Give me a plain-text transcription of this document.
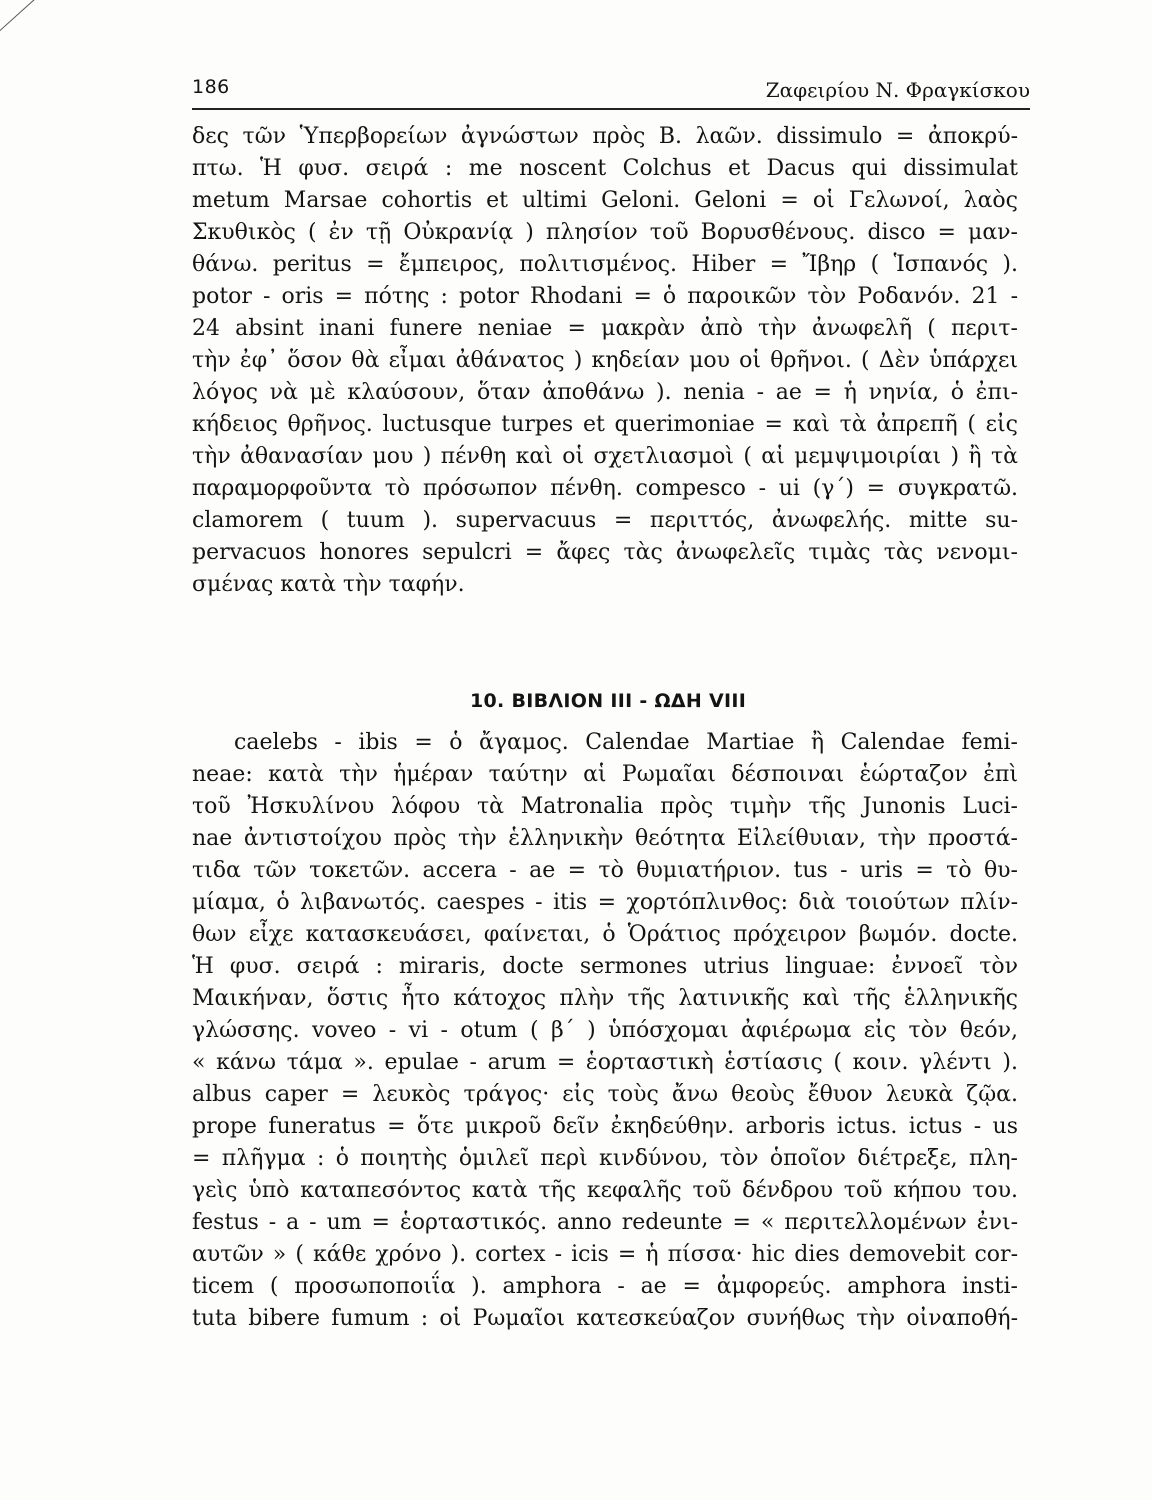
186	Ζαφειρίου Ν. Φραγκίσκου
δες τῶν Ὑπερβορείων ἀγνώστων πρὸς Β. λαῶν. dissimulo = ἀποκρύ-
πτω. Ἡ φυσ. σειρά : me noscent Colchus et Dacus qui dissimulat
metum Marsae cohortis et ultimi Geloni. Geloni = οἱ Γελωνοί, λαὸς
Σκυθικὸς ( ἐν τῇ Οὐκρανίᾳ ) πλησίον τοῦ Βορυσθένους. disco = μαν-
θάνω. peritus = ἔμπειρος, πολιτισμένος. Hiber = Ἴβηρ ( Ἱσπανός ).
potor - oris = πότης : potor Rhodani = ὁ παροικῶν τὸν Ροδανόν. 21 -
24 absint inani funere neniae = μακρὰν ἀπὸ τὴν ἀνωφελῆ ( περιτ-
τὴν ἐφ᾿ ὅσον θὰ εἶμαι ἀθάνατος ) κηδείαν μου οἱ θρῆνοι. ( Δὲν ὑπάρχει
λόγος νὰ μὲ κλαύσουν, ὅταν ἀποθάνω ). nenia - ae = ἡ νηνία, ὁ ἐπι-
κήδειος θρῆνος. luctusque turpes et querimoniae = καὶ τὰ ἀπρεπῆ ( εἰς
τὴν ἀθανασίαν μου ) πένθη καὶ οἱ σχετλιασμοὶ ( αἱ μεμψιμοιρίαι ) ἢ τὰ
παραμορφοῦντα τὸ πρόσωπον πένθη. compesco - ui (γ´) = συγκρατῶ.
clamorem ( tuum ). supervacuus = περιττός, ἀνωφελής. mitte su-
pervacuos honores sepulcri = ἄφες τὰς ἀνωφελεῖς τιμὰς τὰς νενομι-
σμένας κατὰ τὴν ταφήν.
10. ΒΙΒΛΙΟΝ III - ΩΔΗ VIII
caelebs - ibis = ὁ ἄγαμος. Calendae Martiae ἢ Calendae femi-
neae: κατὰ τὴν ἡμέραν ταύτην αἱ Ρωμαῖαι δέσποιναι ἑώρταζον ἐπὶ
τοῦ Ἠσκυλίνου λόφου τὰ Matronalia πρὸς τιμὴν τῆς Junonis Luci-
nae ἀντιστοίχου πρὸς τὴν ἑλληνικὴν θεότητα Εἰλείθυιαν, τὴν προστά-
τιδα τῶν τοκετῶν. accera - ae = τὸ θυμιατήριον. tus - uris = τὸ θυ-
μίαμα, ὁ λιβανωτός. caespes - itis = χορτόπλινθος: διὰ τοιούτων πλίν-
θων εἶχε κατασκευάσει, φαίνεται, ὁ Ὁράτιος πρόχειρον βωμόν. docte.
Ἡ φυσ. σειρά : miraris, docte sermones utrius linguae: ἐννοεῖ τὸν
Μαικήναν, ὅστις ἦτο κάτοχος πλὴν τῆς λατινικῆς καὶ τῆς ἑλληνικῆς
γλώσσης. voveo - vi - otum ( β´ ) ὑπόσχομαι ἀφιέρωμα εἰς τὸν θεόν,
« κάνω τάμα ». epulae - arum = ἑορταστικὴ ἑστίασις ( κοιν. γλέντι ).
albus caper = λευκὸς τράγος· εἰς τοὺς ἄνω θεοὺς ἔθυον λευκὰ ζῷα.
prope funeratus = ὅτε μικροῦ δεῖν ἐκηδεύθην. arboris ictus. ictus - us
= πλῆγμα : ὁ ποιητὴς ὁμιλεῖ περὶ κινδύνου, τὸν ὁποῖον διέτρεξε, πλη-
γεὶς ὑπὸ καταπεσόντος κατὰ τῆς κεφαλῆς τοῦ δένδρου τοῦ κήπου του.
festus - a - um = ἑορταστικός. anno redeunte = « περιτελλομένων ἐνι-
αυτῶν » ( κάθε χρόνο ). cortex - icis = ἡ πίσσα· hic dies demovebit cor-
ticem ( προσωποποιΐα ). amphora - ae = ἀμφορεύς. amphora insti-
tuta bibere fumum : οἱ Ρωμαῖοι κατεσκεύαζον συνήθως τὴν οἰναποθή-
